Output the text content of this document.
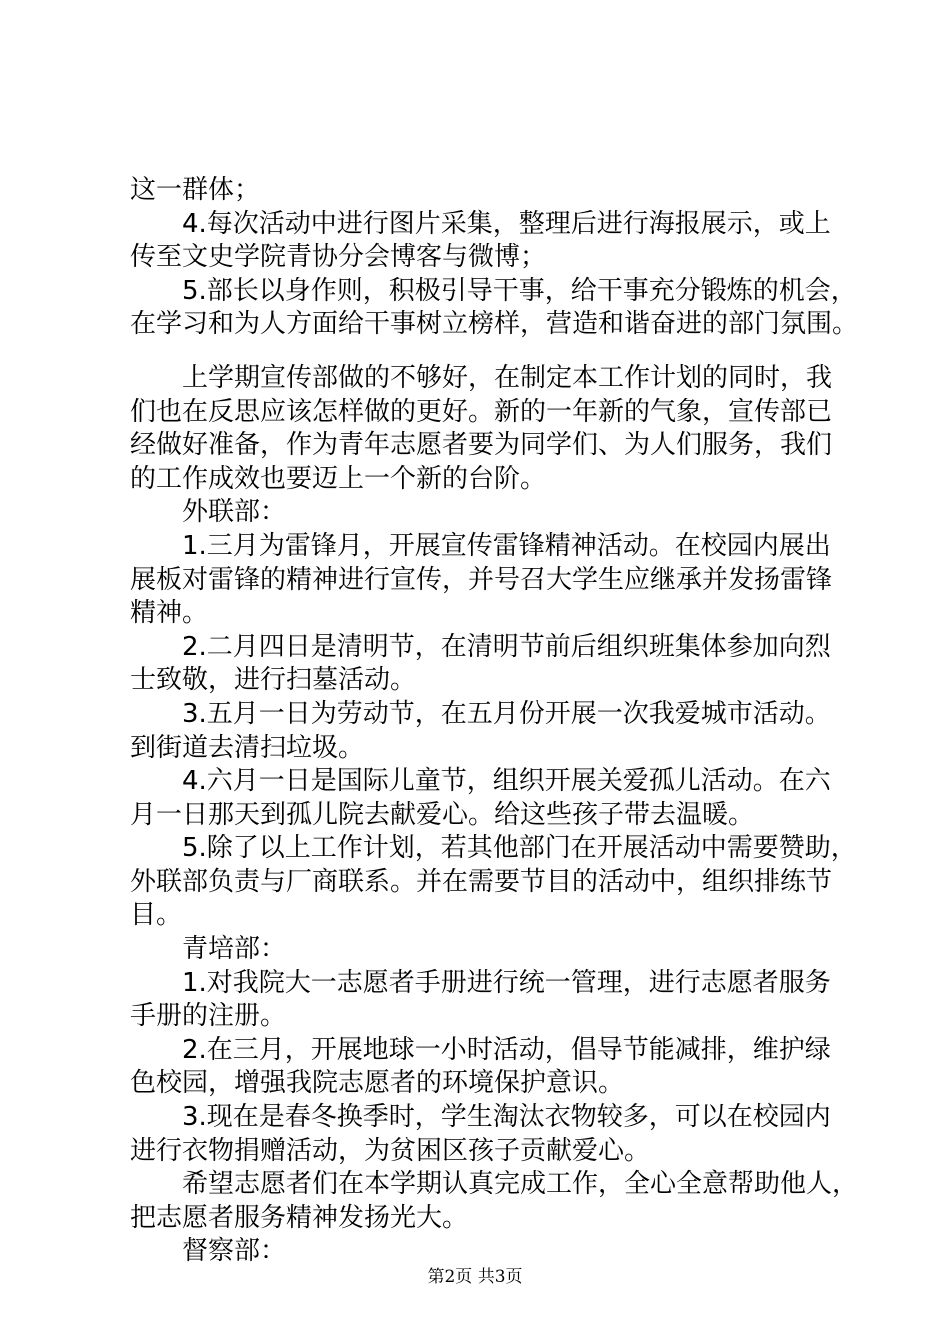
这一群体；

4.每次活动中进行图片采集，整理后进行海报展示，或上

传至文史学院青协分会博客与微博；

5.部长以身作则，积极引导干事，给干事充分锻炼的机会，

在学习和为人方面给干事树立榜样，营造和谐奋进的部门氛围。

上学期宣传部做的不够好，在制定本工作计划的同时，我

们也在反思应该怎样做的更好。新的一年新的气象，宣传部已

经做好准备，作为青年志愿者要为同学们、为人们服务，我们

的工作成效也要迈上一个新的台阶。

外联部：

1.三月为雷锋月，开展宣传雷锋精神活动。在校园内展出

展板对雷锋的精神进行宣传，并号召大学生应继承并发扬雷锋

精神。

2.二月四日是清明节，在清明节前后组织班集体参加向烈

士致敬，进行扫墓活动。

3.五月一日为劳动节，在五月份开展一次我爱城市活动。

到街道去清扫垃圾。

4.六月一日是国际儿童节，组织开展关爱孤儿活动。在六

月一日那天到孤儿院去献爱心。给这些孩子带去温暖。

5.除了以上工作计划，若其他部门在开展活动中需要赞助，

外联部负责与厂商联系。并在需要节目的活动中，组织排练节

目。

青培部：

1.对我院大一志愿者手册进行统一管理，进行志愿者服务

手册的注册。

2.在三月，开展地球一小时活动，倡导节能减排，维护绿

色校园，增强我院志愿者的环境保护意识。

3.现在是春冬换季时，学生淘汰衣物较多，可以在校园内

进行衣物捐赠活动，为贫困区孩子贡献爱心。

希望志愿者们在本学期认真完成工作，全心全意帮助他人，

把志愿者服务精神发扬光大。

督察部：

第2页 共3页
